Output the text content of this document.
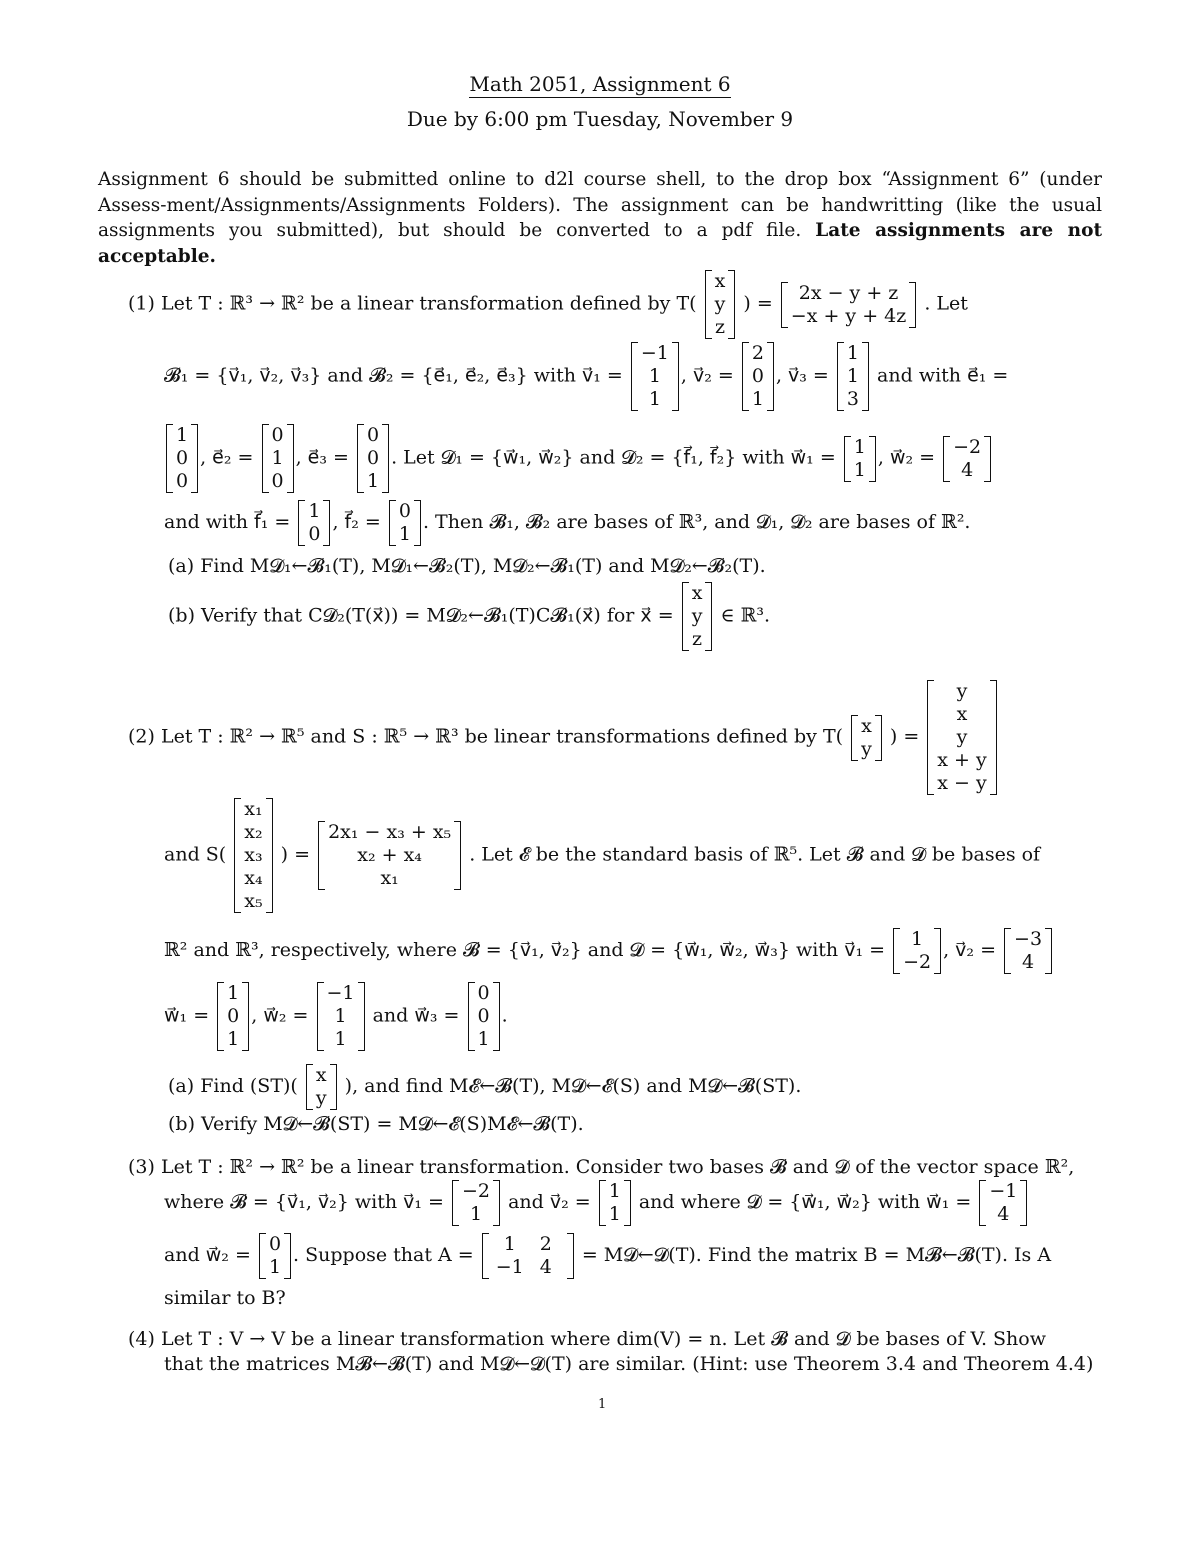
Math 2051, Assignment 6
Due by 6:00 pm Tuesday, November 9
Assignment 6 should be submitted online to d2l course shell, to the drop box “Assignment 6” (under Assess-ment/Assignments/Assignments Folders). The assignment can be handwritting (like the usual assignments you submitted), but should be converted to a pdf file. Late assignments are not acceptable.
(1) Let T : ℝ³ → ℝ² be a linear transformation defined by T(
x
y
z
) =	2x − y + z
−x + y + 4z
. Let
𝓑₁ = {v⃗₁, v⃗₂, v⃗₃} and 𝓑₂ = {e⃗₁, e⃗₂, e⃗₃} with v⃗₁ =
−1
1
1
, v⃗₂ =
2
0
1
, v⃗₃ =
1
1
3
and with e⃗₁ =
1
0
0
, e⃗₂ =
0
1
0
, e⃗₃ =
0
0
1
. Let 𝓓₁ = {w⃗₁, w⃗₂} and 𝓓₂ = {f⃗₁, f⃗₂} with w⃗₁ = 1
1
, w⃗₂ = −2
4
and with f⃗₁ = 1
0
, f⃗₂ = 0
1
. Then 𝓑₁, 𝓑₂ are bases of ℝ³, and 𝓓₁, 𝓓₂ are bases of ℝ².
(a) Find M𝓓₁←𝓑₁(T), M𝓓₁←𝓑₂(T), M𝓓₂←𝓑₁(T) and M𝓓₂←𝓑₂(T).
(b) Verify that C𝓓₂(T(x⃗)) = M𝓓₂←𝓑₁(T)C𝓑₁(x⃗) for x⃗ =
x
y
z
∈ ℝ³.
(2) Let T : ℝ² → ℝ⁵ and S : ℝ⁵ → ℝ³ be linear transformations defined by T( x
y
) =
y
x
y
x + y
x − y
and S(
x₁
x₂
x₃
x₄
x₅
) =
2x₁ − x₃ + x₅
x₂ + x₄
x₁
. Let 𝓔 be the standard basis of ℝ⁵. Let 𝓑 and 𝓓 be bases of
ℝ² and ℝ³, respectively, where 𝓑 = {v⃗₁, v⃗₂} and 𝓓 = {w⃗₁, w⃗₂, w⃗₃} with v⃗₁ =	1
−2
, v⃗₂ = −3
4
w⃗₁ =
1
0
1
, w⃗₂ =
−1
1
1
and w⃗₃ =
0
0
1
.
(a) Find (ST)( x
y
), and find M𝓔←𝓑(T), M𝓓←𝓔(S) and M𝓓←𝓑(ST).
(b) Verify M𝓓←𝓑(ST) = M𝓓←𝓔(S)M𝓔←𝓑(T).
(3) Let T : ℝ² → ℝ² be a linear transformation. Consider two bases 𝓑 and 𝓓 of the vector space ℝ²,
where 𝓑 = {v⃗₁, v⃗₂} with v⃗₁ = −2
1
and v⃗₂ = 1
1
and where 𝓓 = {w⃗₁, w⃗₂} with w⃗₁ = −1
4
and w⃗₂ = 0
1
. Suppose that A =	1 2
−1 4
= M𝓓←𝓓(T). Find the matrix B = M𝓑←𝓑(T). Is A
similar to B?
(4) Let T : V → V be a linear transformation where dim(V) = n. Let 𝓑 and 𝓓 be bases of V. Show
that the matrices M𝓑←𝓑(T) and M𝓓←𝓓(T) are similar. (Hint: use Theorem 3.4 and Theorem 4.4)
1
